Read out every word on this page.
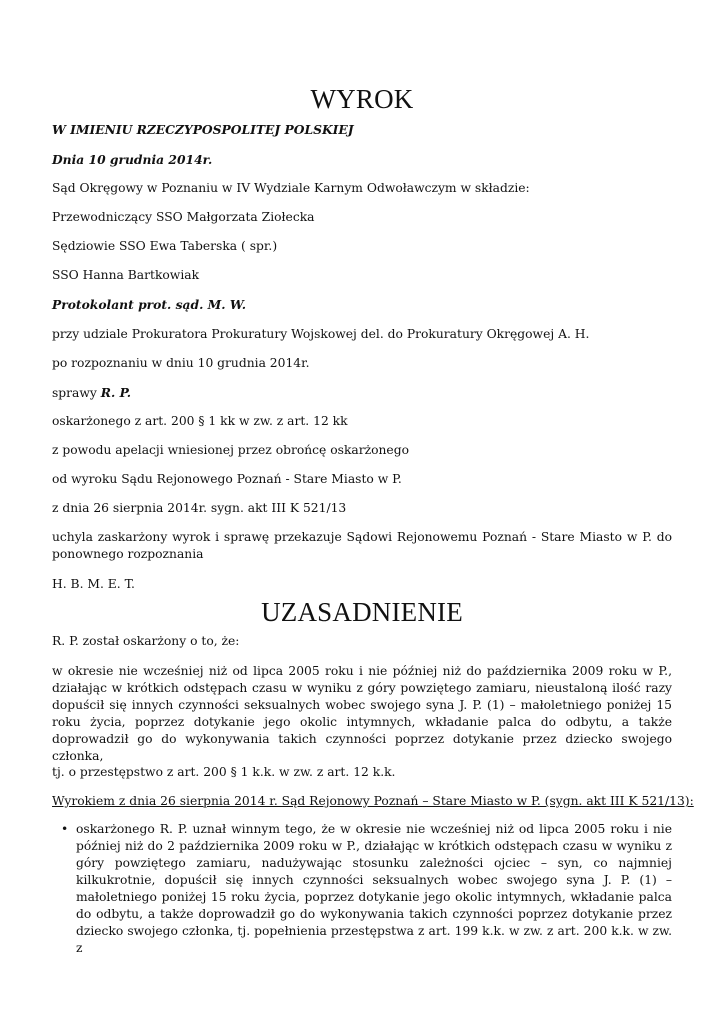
WYROK
W IMIENIU RZECZYPOSPOLITEJ POLSKIEJ
Dnia 10 grudnia 2014r.
Sąd Okręgowy w Poznaniu w IV Wydziale Karnym Odwoławczym w składzie:
Przewodniczący SSO Małgorzata Ziołecka
Sędziowie SSO Ewa Taberska ( spr.)
SSO Hanna Bartkowiak
Protokolant prot. sąd. M. W.
przy udziale Prokuratora Prokuratury Wojskowej del. do Prokuratury Okręgowej A. H.
po rozpoznaniu w dniu 10 grudnia 2014r.
sprawy R. P.
oskarżonego z art. 200 § 1 kk w zw. z art. 12 kk
z powodu apelacji wniesionej przez obrońcę oskarżonego
od wyroku Sądu Rejonowego Poznań - Stare Miasto w P.
z dnia 26 sierpnia 2014r. sygn. akt III K 521/13
uchyla zaskarżony wyrok i sprawę przekazuje Sądowi Rejonowemu Poznań - Stare Miasto w P. do ponownego rozpoznania
H. B. M. E. T.
UZASADNIENIE
R. P. został oskarżony o to, że:
w okresie nie wcześniej niż od lipca 2005 roku i nie później niż do października 2009 roku w P., działając w krótkich odstępach czasu w wyniku z góry powziętego zamiaru, nieustaloną ilość razy dopuścił się innych czynności seksualnych wobec swojego syna J. P. (1) – małoletniego poniżej 15 roku życia, poprzez dotykanie jego okolic intymnych, wkładanie palca do odbytu, a także doprowadził go do wykonywania takich czynności poprzez dotykanie przez dziecko swojego członka,
tj. o przestępstwo z art. 200 § 1 k.k. w zw. z art. 12 k.k.
Wyrokiem z dnia 26 sierpnia 2014 r. Sąd Rejonowy Poznań – Stare Miasto w P. (sygn. akt III K 521/13):
• oskarżonego R. P. uznał winnym tego, że w okresie nie wcześniej niż od lipca 2005 roku i nie później niż do 2 października 2009 roku w P., działając w krótkich odstępach czasu w wyniku z góry powziętego zamiaru, nadużywając stosunku zależności ojciec – syn, co najmniej kilkukrotnie, dopuścił się innych czynności seksualnych wobec swojego syna J. P. (1) – małoletniego poniżej 15 roku życia, poprzez dotykanie jego okolic intymnych, wkładanie palca do odbytu, a także doprowadził go do wykonywania takich czynności poprzez dotykanie przez dziecko swojego członka, tj. popełnienia przestępstwa z art. 199 k.k. w zw. z art. 200 k.k. w zw. z
